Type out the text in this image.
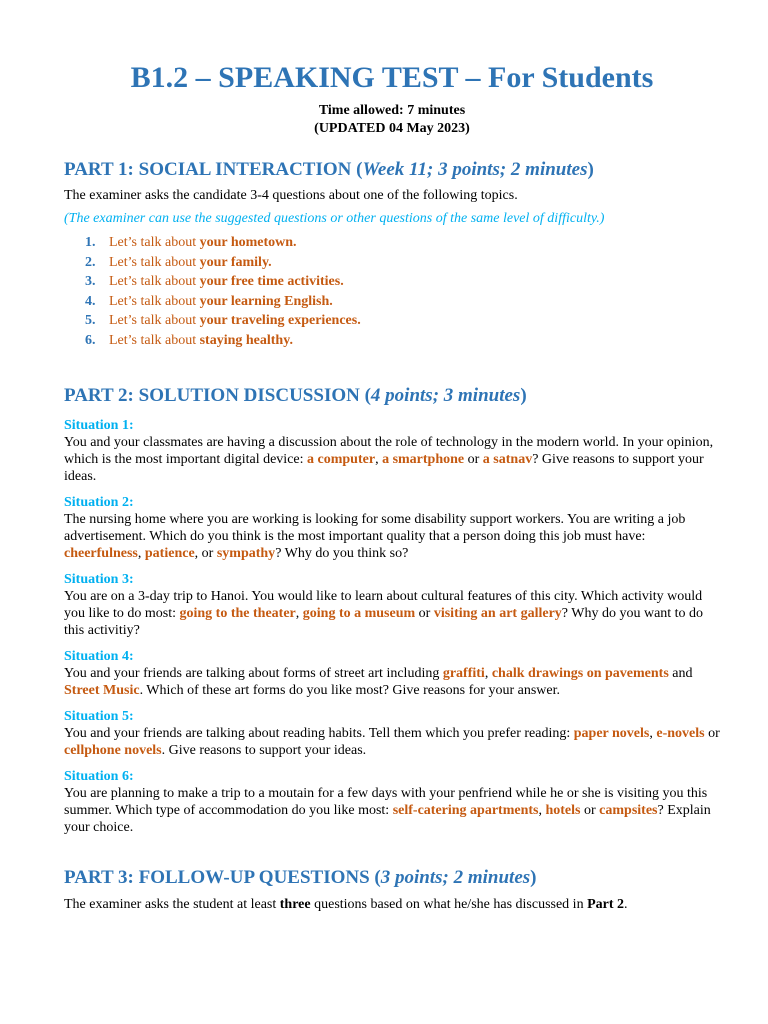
B1.2 – SPEAKING TEST – For Students
Time allowed: 7 minutes
(UPDATED 04 May 2023)
PART 1: SOCIAL INTERACTION (Week 11; 3 points; 2 minutes)

The examiner asks the candidate 3-4 questions about one of the following topics.

(The examiner can use the suggested questions or other questions of the same level of difficulty.)

1. Let’s talk about your hometown.
2. Let’s talk about your family.
3. Let’s talk about your free time activities.
4. Let’s talk about your learning English.
5. Let’s talk about your traveling experiences.
6. Let’s talk about staying healthy.
PART 2: SOLUTION DISCUSSION (4 points; 3 minutes)
Situation 1:

You and your classmates are having a discussion about the role of technology in the modern world. In your opinion, which is the most important digital device: a computer, a smartphone or a satnav? Give reasons to support your ideas.

Situation 2:

The nursing home where you are working is looking for some disability support workers. You are writing a job advertisement. Which do you think is the most important quality that a person doing this job must have: cheerfulness, patience, or sympathy? Why do you think so?

Situation 3:

You are on a 3-day trip to Hanoi. You would like to learn about cultural features of this city. Which activity would you like to do most: going to the theater, going to a museum or visiting an art gallery? Why do you want to do this activitiy?

Situation 4:

You and your friends are talking about forms of street art including graffiti, chalk drawings on pavements and Street Music. Which of these art forms do you like most? Give reasons for your answer.

Situation 5:

You and your friends are talking about reading habits. Tell them which you prefer reading: paper novels, e-novels or cellphone novels. Give reasons to support your ideas.

Situation 6:

You are planning to make a trip to a moutain for a few days with your penfriend while he or she is visiting you this summer. Which type of accommodation do you like most: self-catering apartments, hotels or campsites? Explain your choice.

PART 3: FOLLOW-UP QUESTIONS (3 points; 2 minutes)

The examiner asks the student at least three questions based on what he/she has discussed in Part 2.
